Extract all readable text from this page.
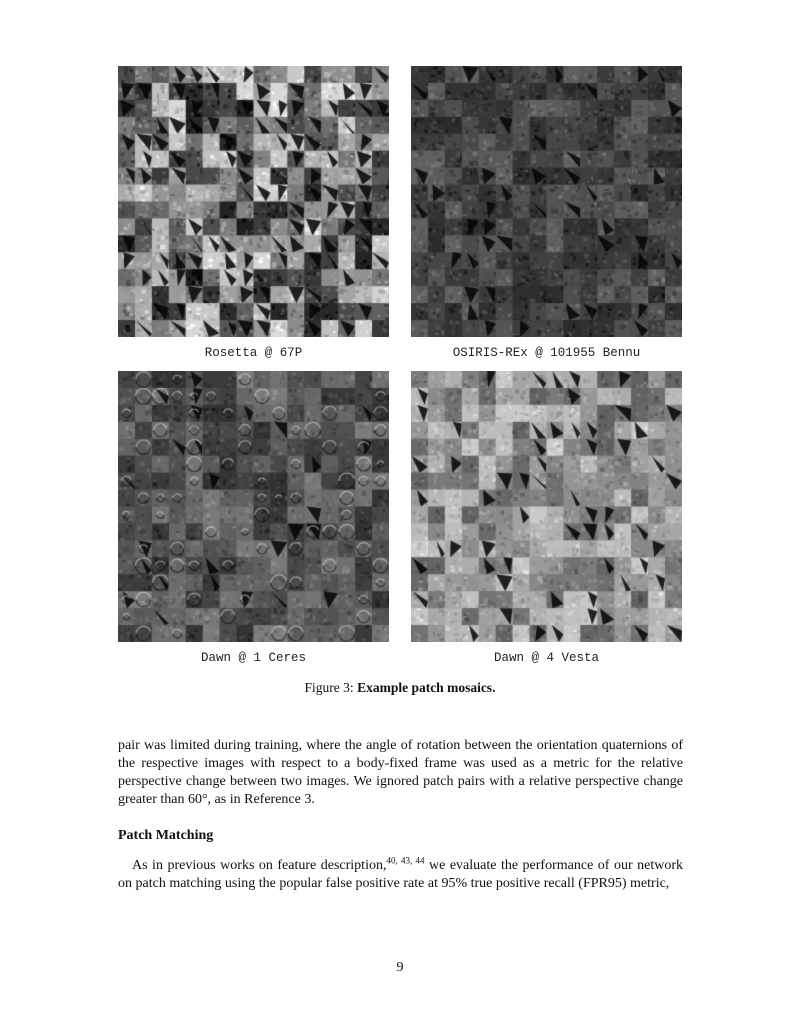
Rosetta @ 67P	OSIRIS-REx @ 101955 Bennu
Dawn @ 1 Ceres	Dawn @ 4 Vesta
Figure 3: Example patch mosaics.

pair was limited during training, where the angle of rotation between the orientation quaternions of the respective images with respect to a body-fixed frame was used as a metric for the relative perspective change between two images. We ignored patch pairs with a relative perspective change greater than 60°, as in Reference 3.

Patch Matching

As in previous works on feature description,$^{40, 43, 44}$ we evaluate the performance of our network on patch matching using the popular false positive rate at 95% true positive recall (FPR95) metric,

9
